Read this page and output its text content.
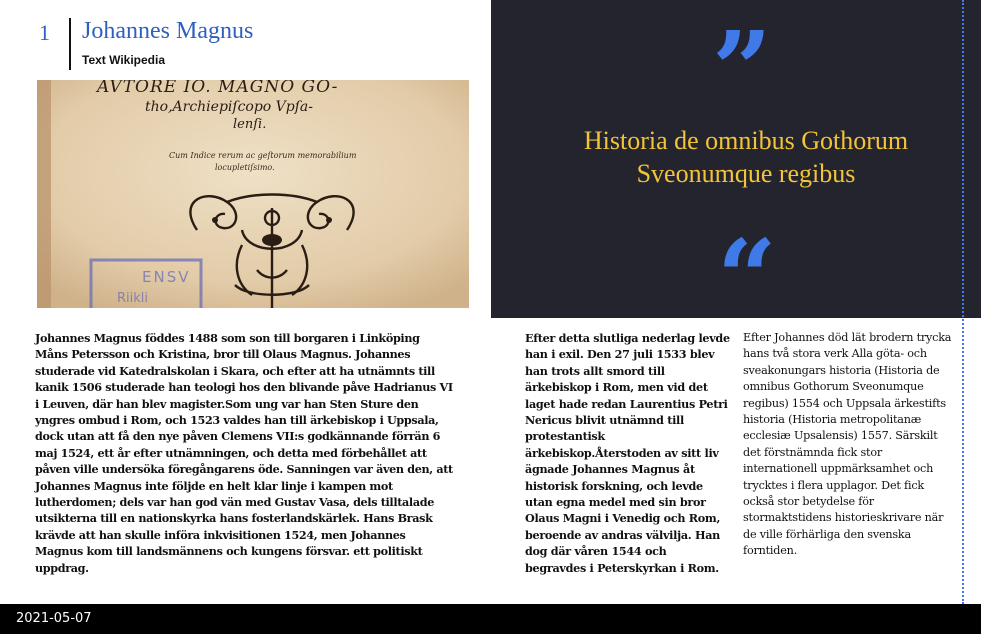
1 Johannes Magnus
Text Wikipedia
AVTORE IO. MAGNO GO-
tho,Archiepiſcopo Vpſa-
lenſi.
Cum Indice rerum ac geſtorum memorabilium
locupletiſsimo.
ENSV
Riikli
”
Historia de omnibus Gothorum
Sveonumque regibus
“
Johannes Magnus föddes 1488 som son till borgaren i Linköping Måns Petersson och Kristina, bror till Olaus Magnus. Johannes studerade vid Katedralskolan i Skara, och efter att ha utnämnts till kanik 1506 studerade han teologi hos den blivande påve Hadrianus VI i Leuven, där han blev magister.Som ung var han Sten Sture den yngres ombud i Rom, och 1523 valdes han till ärkebiskop i Uppsala, dock utan att få den nye påven Clemens VII:s godkännande förrän 6 maj 1524, ett år efter utnämningen, och detta med förbehållet att påven ville undersöka föregångarens öde. Sanningen var även den, att Johannes Magnus inte följde en helt klar linje i kampen mot lutherdomen; dels var han god vän med Gustav Vasa, dels tilltalade utsikterna till en nationskyrka hans fosterlandskärlek. Hans Brask krävde att han skulle införa inkvisitionen 1524, men Johannes Magnus kom till landsmännens och kungens försvar. ett politiskt uppdrag.
Efter detta slutliga nederlag levde han i exil. Den 27 juli 1533 blev han trots allt smord till ärkebiskop i Rom, men vid det laget hade redan Laurentius Petri Nericus blivit utnämnd till protestantisk ärkebiskop.Återstoden av sitt liv ägnade Johannes Magnus åt historisk forskning, och levde utan egna medel med sin bror Olaus Magni i Venedig och Rom, beroende av andras välvilja. Han dog där våren 1544 och begravdes i Peterskyrkan i Rom.
Efter Johannes död lät brodern trycka hans två stora verk Alla göta- och sveakonungars historia (Historia de omnibus Gothorum Sveonumque regibus) 1554 och Uppsala ärkestifts historia (Historia metropolitanæ ecclesiæ Upsalensis) 1557. Särskilt det förstnämnda fick stor internationell uppmärksamhet och trycktes i flera upplagor. Det fick också stor betydelse för stormaktstidens historieskrivare när de ville förhärliga den svenska forntiden.
2021-05-07
